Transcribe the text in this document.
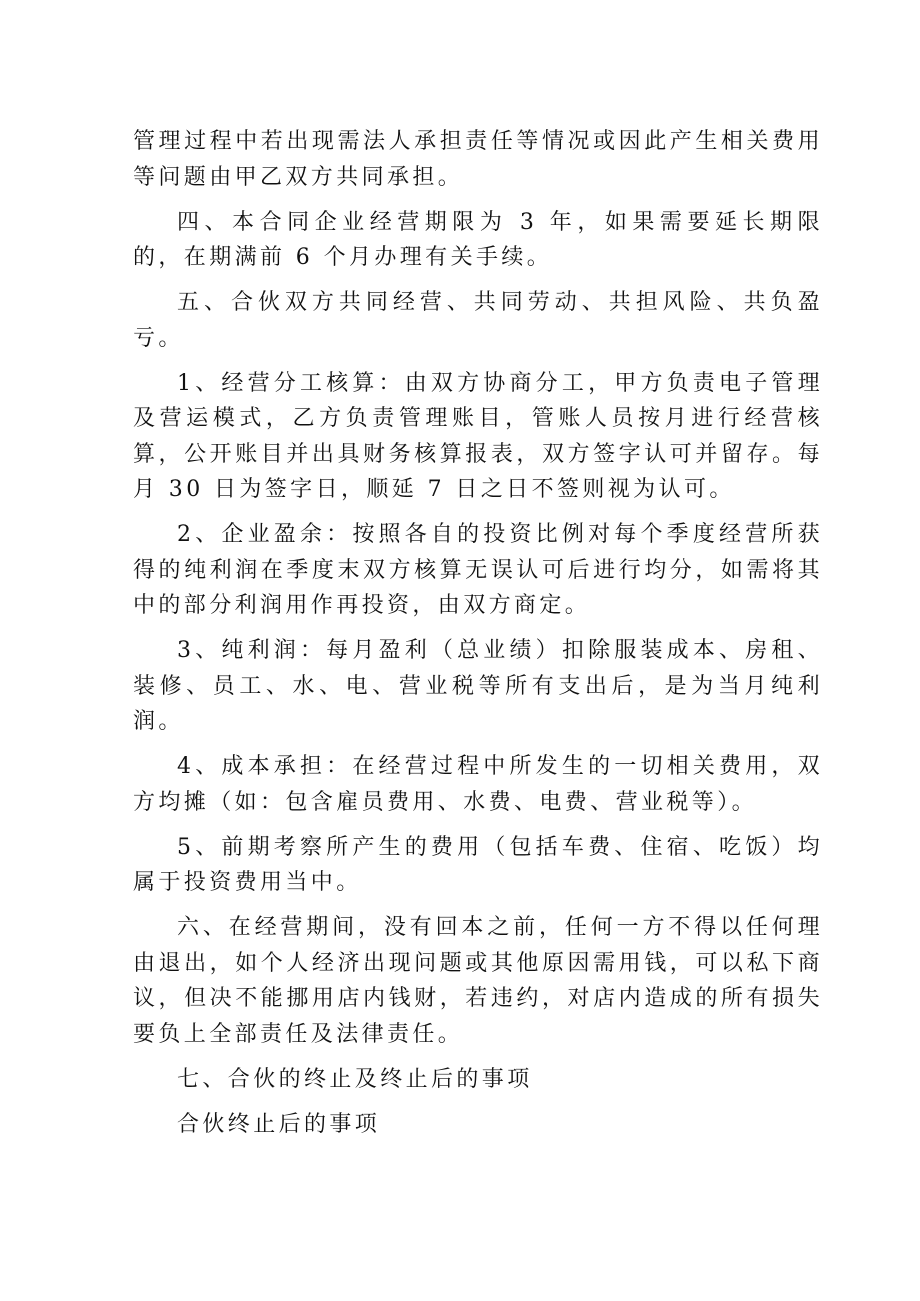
管理过程中若出现需法人承担责任等情况或因此产生相关费用等问题由甲乙双方共同承担。

四、本合同企业经营期限为 3 年，如果需要延长期限的，在期满前 6 个月办理有关手续。

五、合伙双方共同经营、共同劳动、共担风险、共负盈亏。

1、经营分工核算：由双方协商分工，甲方负责电子管理及营运模式，乙方负责管理账目，管账人员按月进行经营核算，公开账目并出具财务核算报表，双方签字认可并留存。每月 30 日为签字日，顺延 7 日之日不签则视为认可。

2、企业盈余：按照各自的投资比例对每个季度经营所获得的纯利润在季度末双方核算无误认可后进行均分，如需将其中的部分利润用作再投资，由双方商定。

3、纯利润：每月盈利（总业绩）扣除服装成本、房租、装修、员工、水、电、营业税等所有支出后，是为当月纯利润。

4、成本承担：在经营过程中所发生的一切相关费用，双方均摊（如：包含雇员费用、水费、电费、营业税等）。

5、前期考察所产生的费用（包括车费、住宿、吃饭）均属于投资费用当中。

六、在经营期间，没有回本之前，任何一方不得以任何理由退出，如个人经济出现问题或其他原因需用钱，可以私下商议，但决不能挪用店内钱财，若违约，对店内造成的所有损失要负上全部责任及法律责任。

七、合伙的终止及终止后的事项

合伙终止后的事项
